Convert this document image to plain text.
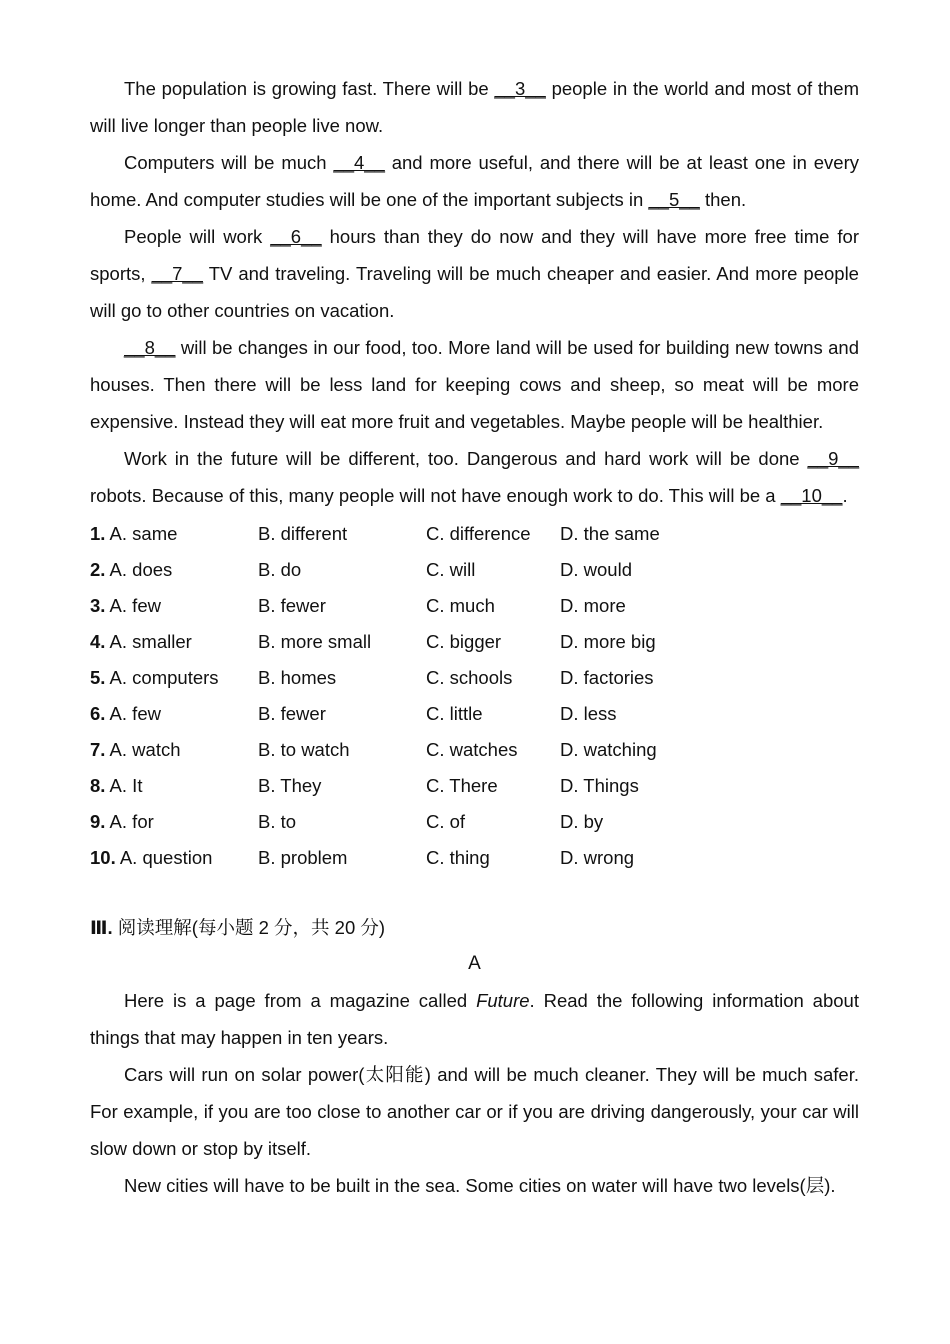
The population is growing fast. There will be __3__ people in the world and most of them will live longer than people live now.

Computers will be much __4__ and more useful, and there will be at least one in every home. And computer studies will be one of the important subjects in __5__ then.

People will work __6__ hours than they do now and they will have more free time for sports, __7__ TV and traveling. Traveling will be much cheaper and easier. And more people will go to other countries on vacation.

__8__ will be changes in our food, too. More land will be used for building new towns and houses. Then there will be less land for keeping cows and sheep, so meat will be more expensive. Instead they will eat more fruit and vegetables. Maybe people will be healthier.

Work in the future will be different, too. Dangerous and hard work will be done __9__ robots. Because of this, many people will not have enough work to do. This will be a __10__.

1. A. same	B. different	C. difference	D. the same
2. A. does	B. do	C. will	D. would
3. A. few	B. fewer	C. much	D. more
4. A. smaller	B. more small	C. bigger	D. more big
5. A. computers	B. homes	C. schools	D. factories
6. A. few	B. fewer	C. little	D. less
7. A. watch	B. to watch	C. watches	D. watching
8. A. It	B. They	C. There	D. Things
9. A. for	B. to	C. of	D. by
10. A. question	B. problem	C. thing	D. wrong
Ⅲ. 阅读理解(每小题 2 分，共 20 分)
A

Here is a page from a magazine called Future. Read the following information about things that may happen in ten years.

Cars will run on solar power(太阳能) and will be much cleaner. They will be much safer. For example, if you are too close to another car or if you are driving dangerously, your car will slow down or stop by itself.

New cities will have to be built in the sea. Some cities on water will have two levels(层).
